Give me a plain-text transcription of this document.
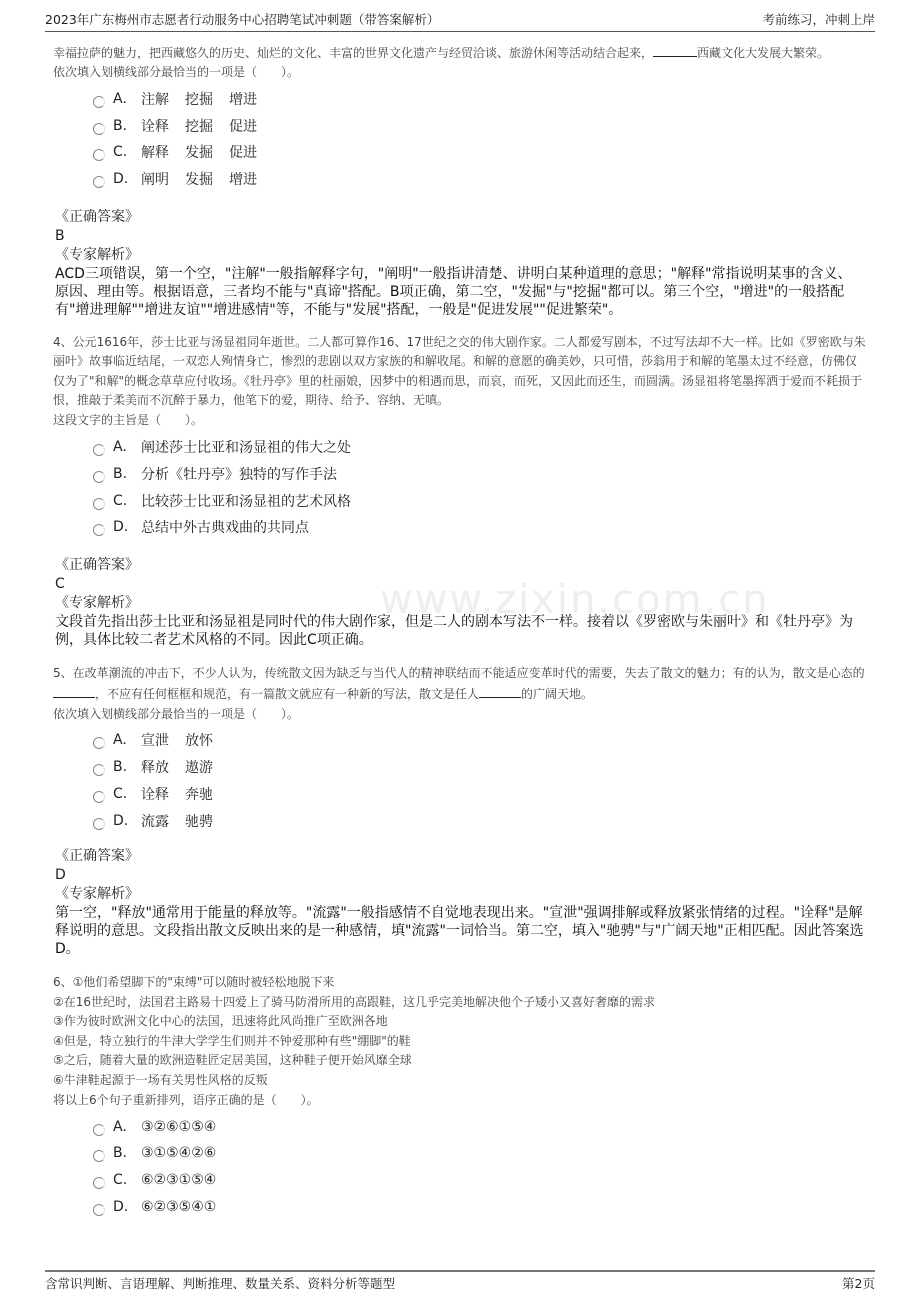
2023年广东梅州市志愿者行动服务中心招聘笔试冲刺题（带答案解析）	考前练习，冲刺上岸
www.zixin.com.cn
幸福拉萨的魅力，把西藏悠久的历史、灿烂的文化、丰富的世界文化遗产与经贸洽谈、旅游休闲等活动结合起来，	西藏文化大发展大繁荣。
依次填入划横线部分最恰当的一项是（　　）。
A.	注解 挖掘 增进
B. 诠释 挖掘 促进
C. 解释 发掘 促进
D. 阐明 发掘 增进
《正确答案》
B
《专家解析》
ACD三项错误，第一个空，"注解"一般指解释字句，"阐明"一般指讲清楚、讲明白某种道理的意思；"解释"常指说明某事的含义、原因、理由等。根据语意，三者均不能与"真谛"搭配。B项正确，第二空，"发掘"与"挖掘"都可以。第三个空，"增进"的一般搭配有"增进理解""增进友谊""增进感情"等，不能与"发展"搭配，一般是"促进发展""促进繁荣"。
4、公元1616年，莎士比亚与汤显祖同年逝世。二人都可算作16、17世纪之交的伟大剧作家。二人都爱写剧本，不过写法却不大一样。比如《罗密欧与朱丽叶》故事临近结尾，一双恋人殉情身亡，惨烈的悲剧以双方家族的和解收尾。和解的意愿的确美妙，只可惜，莎翁用于和解的笔墨太过不经意，仿佛仅仅为了"和解"的概念草草应付收场。《牡丹亭》里的杜丽娘，因梦中的相遇而思，而哀，而死，又因此而还生，而圆满。汤显祖将笔墨挥洒于爱而不耗损于恨，推敲于柔美而不沉醉于暴力，他笔下的爱，期待、给予、容纳、无嗔。
这段文字的主旨是（　　）。
A.	阐述莎士比亚和汤显祖的伟大之处
B. 分析《牡丹亭》独特的写作手法
C. 比较莎士比亚和汤显祖的艺术风格
D. 总结中外古典戏曲的共同点
《正确答案》
C
《专家解析》
文段首先指出莎士比亚和汤显祖是同时代的伟大剧作家，但是二人的剧本写法不一样。接着以《罗密欧与朱丽叶》和《牡丹亭》为例，具体比较二者艺术风格的不同。因此C项正确。
5、在改革潮流的冲击下，不少人认为，传统散文因为缺乏与当代人的精神联结而不能适应变革时代的需要，失去了散文的魅力；有的认为，散文是心态的，不应有任何框框和规范，有一篇散文就应有一种新的写法，散文是任人	的广阔天地。
依次填入划横线部分最恰当的一项是（　　）。
A.	宣泄 放怀
B. 释放 遨游
C. 诠释 奔驰
D. 流露 驰骋
《正确答案》
D
《专家解析》
第一空，"释放"通常用于能量的释放等。"流露"一般指感情不自觉地表现出来。"宣泄"强调排解或释放紧张情绪的过程。"诠释"是解释说明的意思。文段指出散文反映出来的是一种感情，填"流露"一词恰当。第二空，填入"驰骋"与"广阔天地"正相匹配。因此答案选D。
6、①他们希望脚下的"束缚"可以随时被轻松地脱下来
②在16世纪时，法国君主路易十四爱上了骑马防滑所用的高跟鞋，这几乎完美地解决他个子矮小又喜好奢靡的需求
③作为彼时欧洲文化中心的法国，迅速将此风尚推广至欧洲各地
④但是，特立独行的牛津大学学生们则并不钟爱那种有些"绷脚"的鞋
⑤之后，随着大量的欧洲造鞋匠定居美国，这种鞋子便开始风靡全球
⑥牛津鞋起源于一场有关男性风格的反叛
将以上6个句子重新排列，语序正确的是（　　）。
A.	③②⑥①⑤④
B. ③①⑤④②⑥
C. ⑥②③①⑤④
D. ⑥②③⑤④①
含常识判断、言语理解、判断推理、数量关系、资料分析等题型	第2页
